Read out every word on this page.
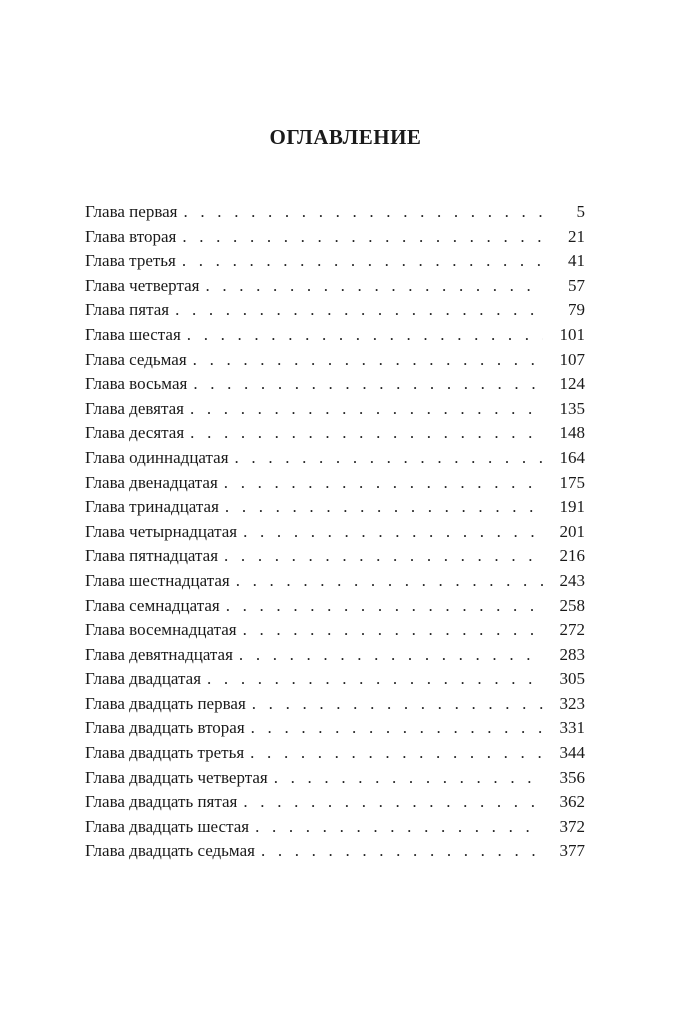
ОГЛАВЛЕНИЕ
Глава первая . . .	5
Глава вторая . . .	21
Глава третья . . .	41
Глава четвертая . . .	57
Глава пятая . . .	79
Глава шестая . . .	101
Глава седьмая . . .	107
Глава восьмая . . .	124
Глава девятая . . .	135
Глава десятая . . .	148
Глава одиннадцатая . . .	164
Глава двенадцатая . . .	175
Глава тринадцатая . . .	191
Глава четырнадцатая . . .	201
Глава пятнадцатая . . .	216
Глава шестнадцатая . . .	243
Глава семнадцатая . . .	258
Глава восемнадцатая . . .	272
Глава девятнадцатая . . .	283
Глава двадцатая . . .	305
Глава двадцать первая . . .	323
Глава двадцать вторая . . .	331
Глава двадцать третья . . .	344
Глава двадцать четвертая . . .	356
Глава двадцать пятая . . .	362
Глава двадцать шестая . . .	372
Глава двадцать седьмая . . .	377
